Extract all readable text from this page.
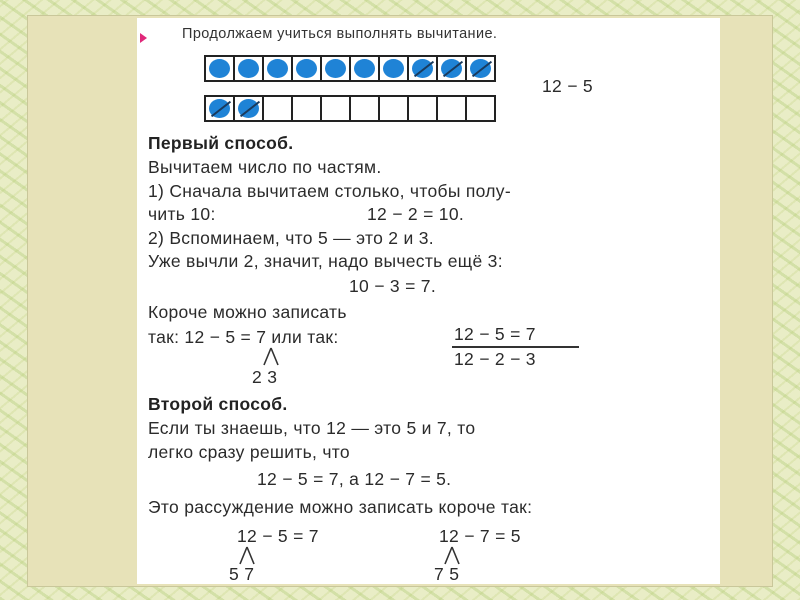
Продолжаем учиться выполнять вычитание.
12 − 5
Первый способ.
Вычитаем число по частям.
1) Сначала вычитаем столько, чтобы полу-
чить 10:	12 − 2 = 10.
2) Вспоминаем, что 5 — это 2 и 3.
Уже вычли 2, значит, надо вычесть ещё 3:
10 − 3 = 7.
Короче можно записать
так: 12 − 5 = 7 или так:	12 − 5 = 7
12 − 2 − 3
2 3
Второй способ.
Если ты знаешь, что 12 — это 5 и 7, то
легко сразу решить, что
12 − 5 = 7, а 12 − 7 = 5.
Это рассуждение можно записать короче так:
12 − 5 = 7
5 7
12 − 7 = 5
7 5
